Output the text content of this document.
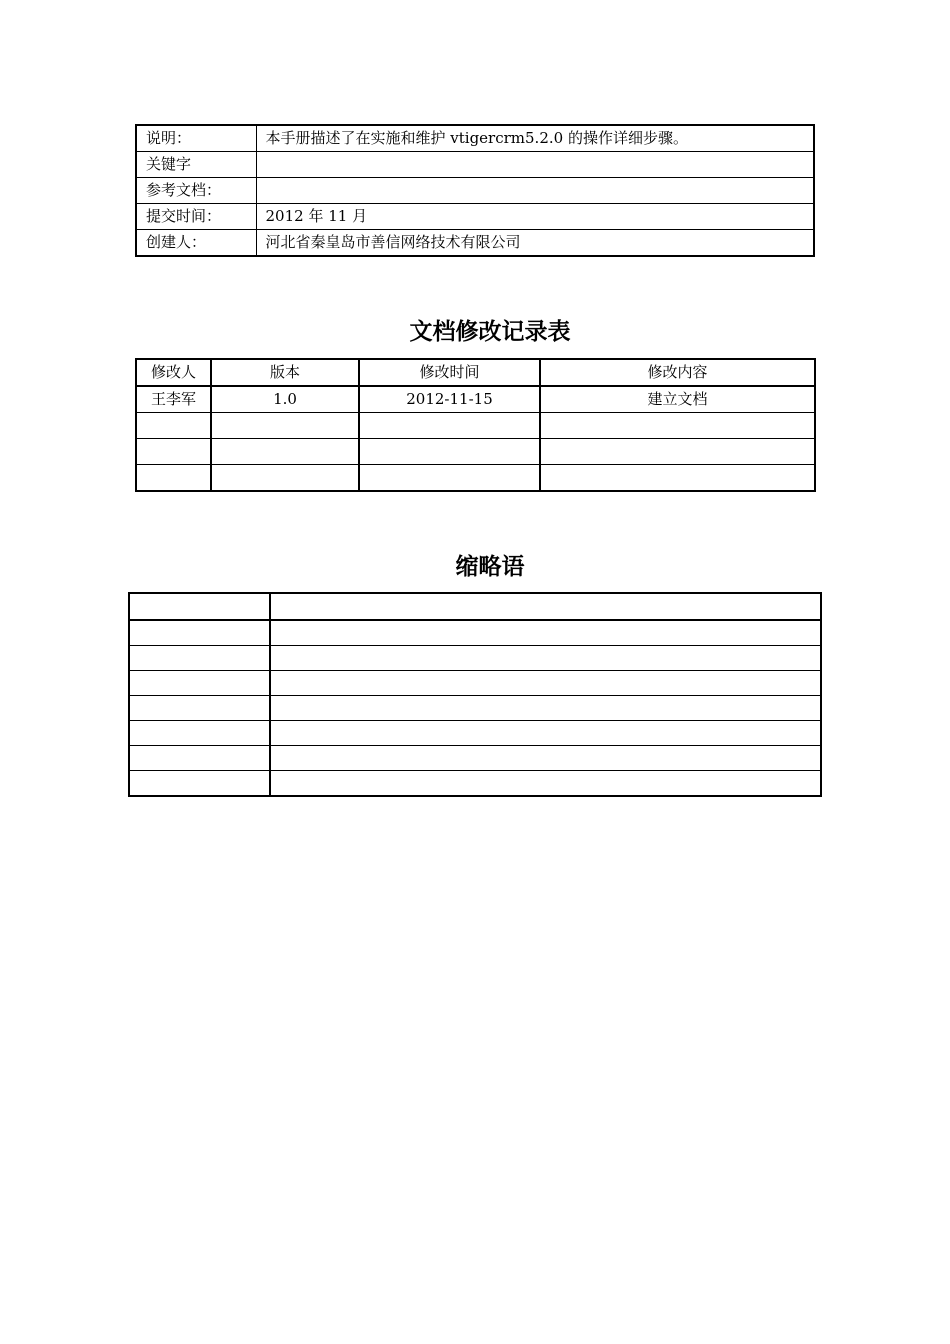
说明：	本手册描述了在实施和维护 vtigercrm5.2.0 的操作详细步骤。
关键字	
参考文档：	
提交时间：	2012 年 11 月
创建人：	河北省秦皇岛市善信网络技术有限公司
文档修改记录表
修改人	版本	修改时间	修改内容
王李军	1.0	2012-11-15	建立文档

缩略语
